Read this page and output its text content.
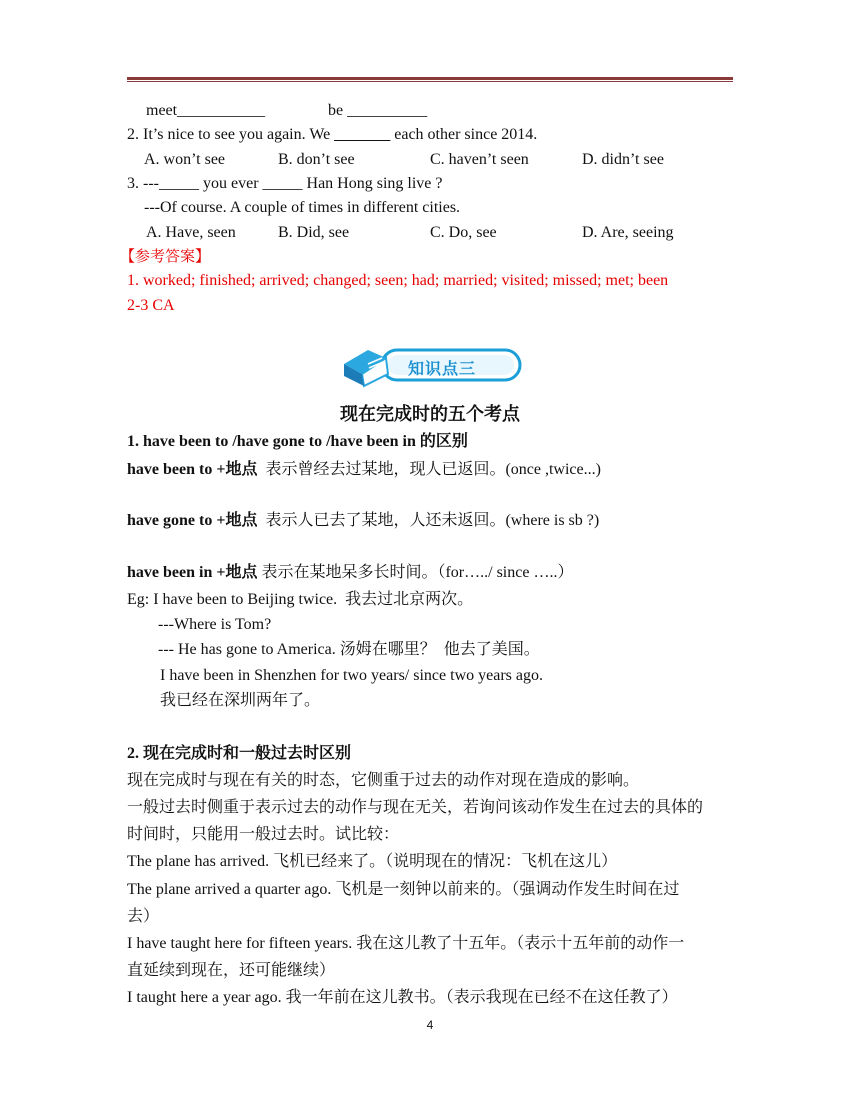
meet___________	be __________
2. It’s nice to see you again. We _______ each other since 2014.
A. won’t see	B. don’t see	C. haven’t seen	D. didn’t see
3. ---_____ you ever _____ Han Hong sing live ?
---Of course. A couple of times in different cities.
A. Have, seen	B. Did, see	C. Do, see	D. Are, seeing
【参考答案】
1. worked; finished; arrived; changed; seen; had; married; visited; missed; met; been
2-3 CA
知识点三
现在完成时的五个考点
1. have been to /have gone to /have been in 的区别
have been to +地点  表示曾经去过某地，现人已返回。(once ,twice...)
have gone to +地点  表示人已去了某地，人还未返回。(where is sb ?)
have been in +地点 表示在某地呆多长时间。（for…../ since …..）
Eg: I have been to Beijing twice.  我去过北京两次。
---Where is Tom?
--- He has gone to America. 汤姆在哪里？  他去了美国。
I have been in Shenzhen for two years/ since two years ago.
我已经在深圳两年了。
2. 现在完成时和一般过去时区别
现在完成时与现在有关的时态，它侧重于过去的动作对现在造成的影响。
一般过去时侧重于表示过去的动作与现在无关，若询问该动作发生在过去的具体的
时间时，只能用一般过去时。试比较：
The plane has arrived. 飞机已经来了。（说明现在的情况：飞机在这儿）
The plane arrived a quarter ago. 飞机是一刻钟以前来的。（强调动作发生时间在过
去）
I have taught here for fifteen years. 我在这儿教了十五年。（表示十五年前的动作一
直延续到现在，还可能继续）
I taught here a year ago. 我一年前在这儿教书。（表示我现在已经不在这任教了）
4
